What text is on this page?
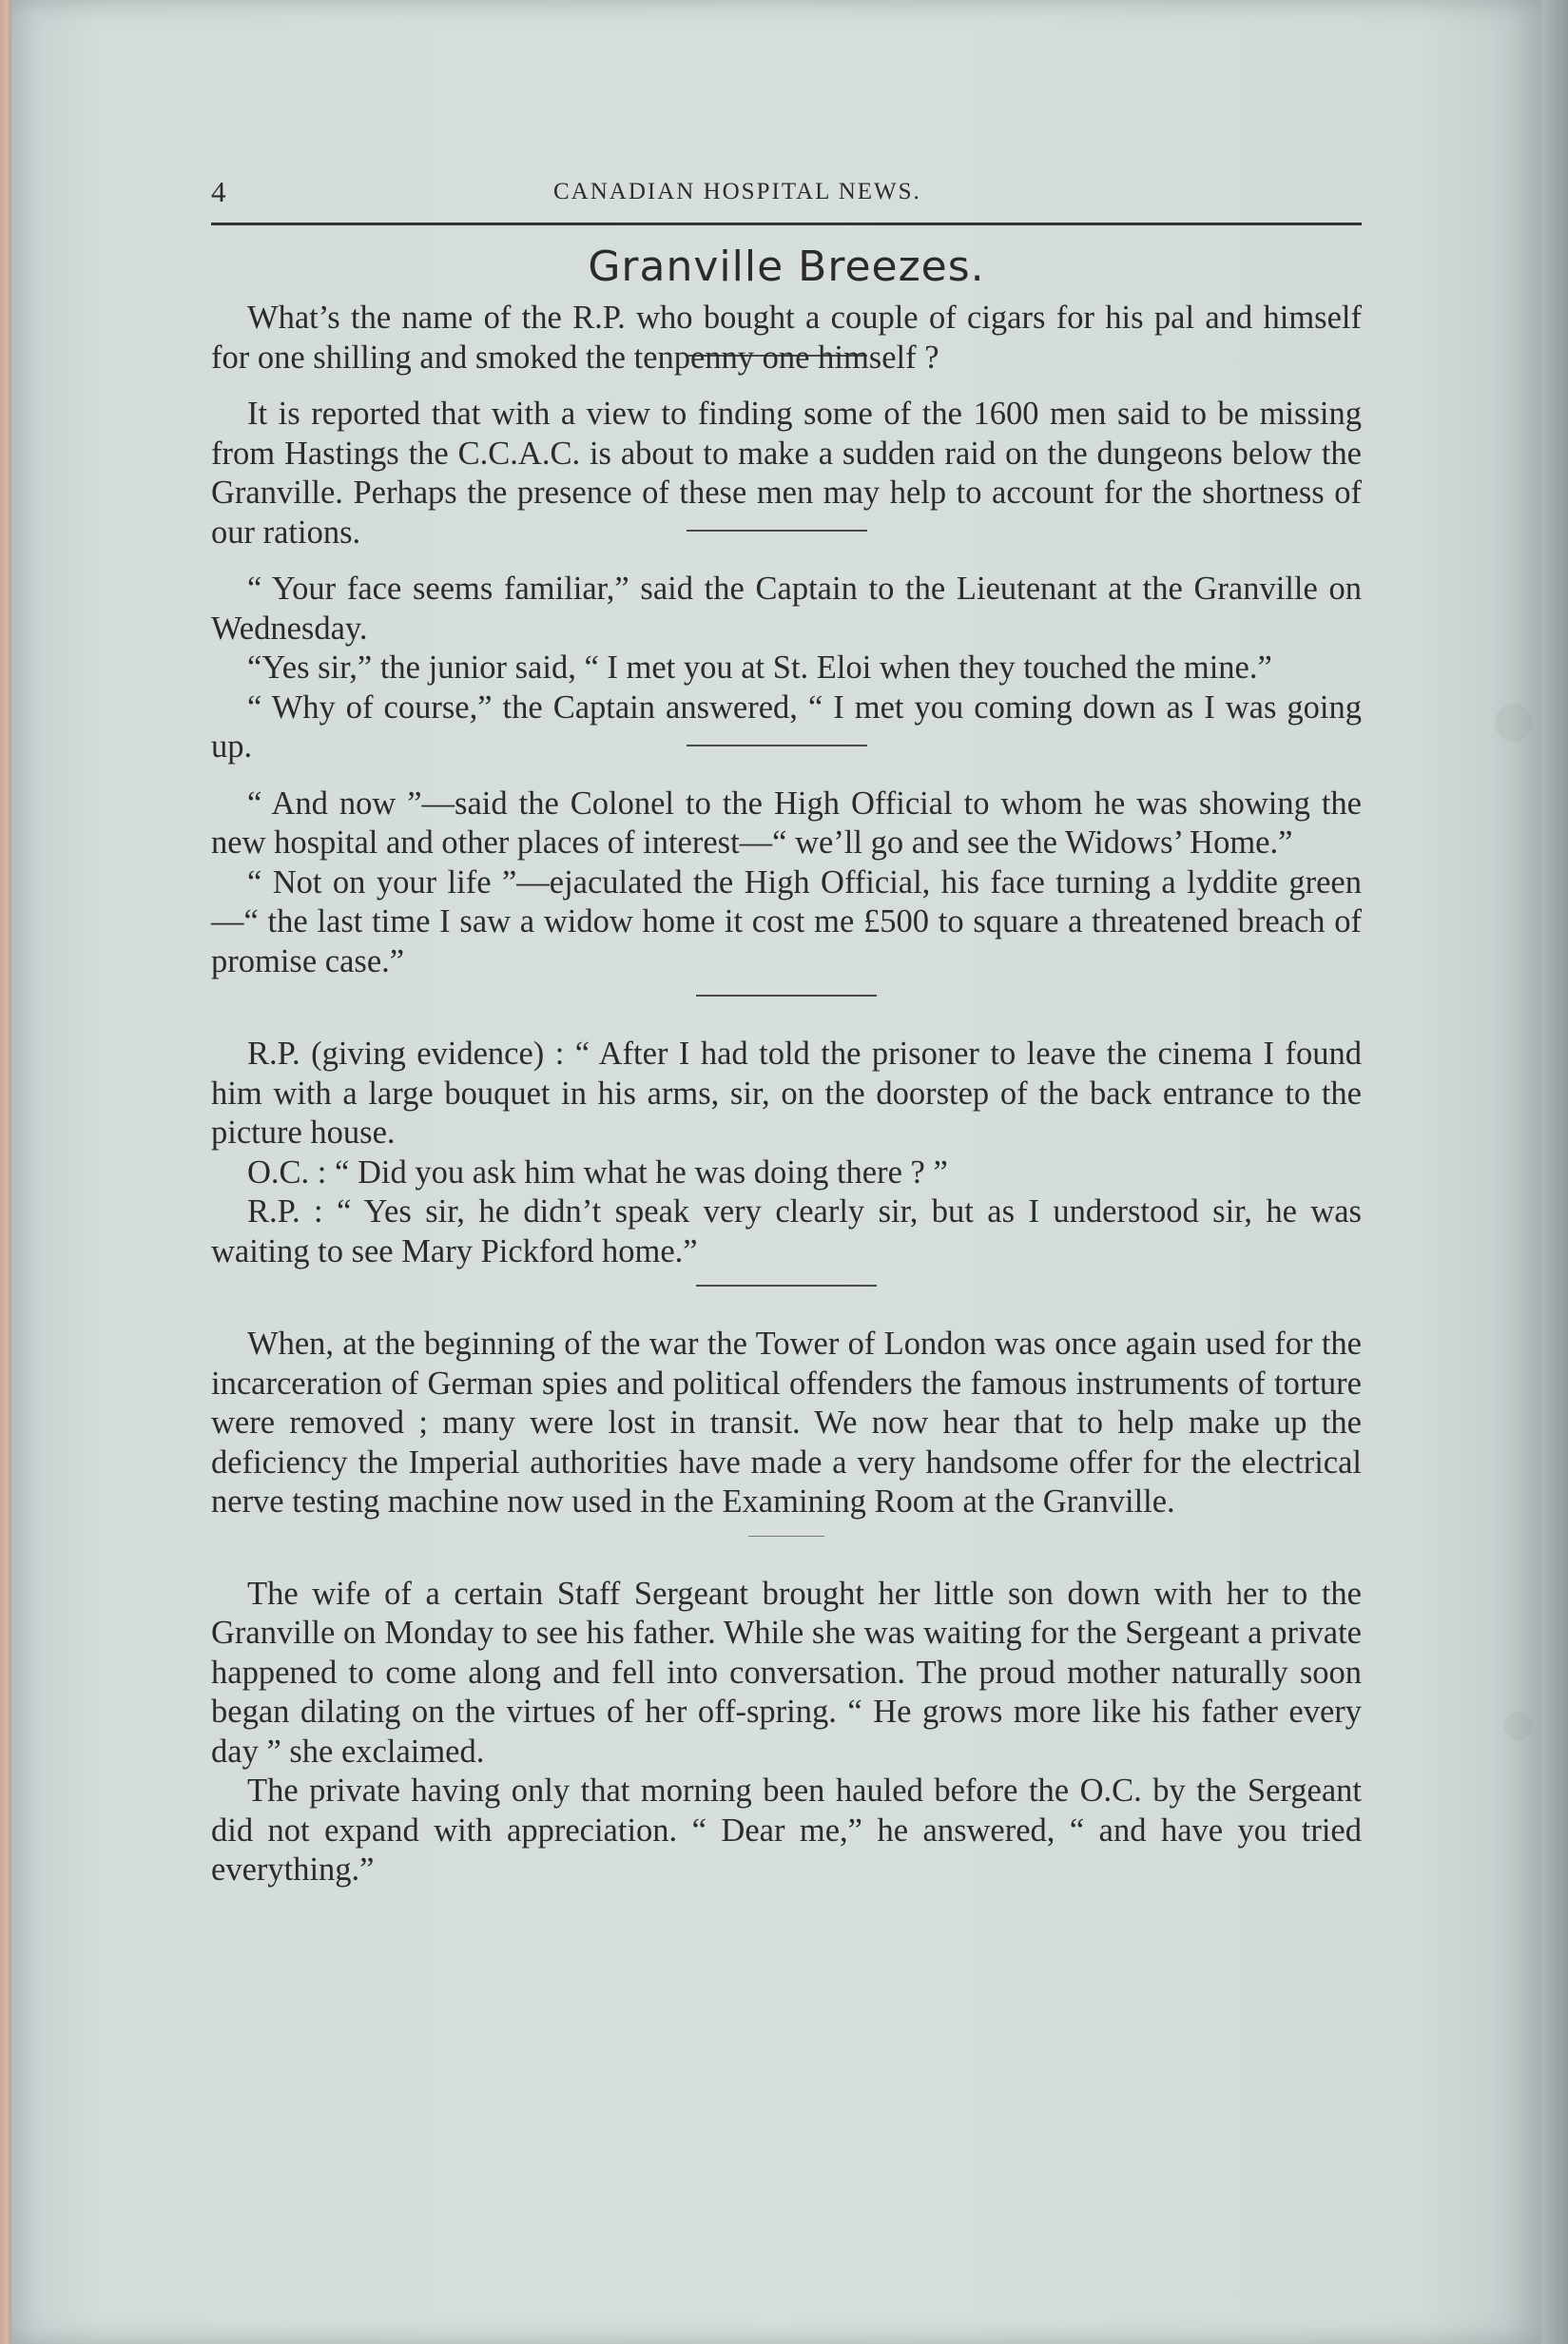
4	CANADIAN HOSPITAL NEWS.
Granville Breezes.

What’s the name of the R.P. who bought a couple of cigars for his pal and himself for one shilling and smoked the tenpenny one himself ?

It is reported that with a view to finding some of the 1600 men said to be missing from Hastings the C.C.A.C. is about to make a sudden raid on the dungeons below the Granville. Perhaps the presence of these men may help to account for the shortness of our rations.

“ Your face seems familiar,” said the Captain to the Lieutenant at the Granville on Wednesday.

“Yes sir,” the junior said, “ I met you at St. Eloi when they touched the mine.”

“ Why of course,” the Captain answered, “ I met you coming down as I was going up.

“ And now ”—said the Colonel to the High Official to whom he was showing the new hospital and other places of interest—“ we’ll go and see the Widows’ Home.”

“ Not on your life ”—ejaculated the High Official, his face turning a lyddite green—“ the last time I saw a widow home it cost me £500 to square a threatened breach of promise case.”

R.P. (giving evidence) : “ After I had told the prisoner to leave the cinema I found him with a large bouquet in his arms, sir, on the doorstep of the back entrance to the picture house.

O.C. : “ Did you ask him what he was doing there ? ”

R.P. : “ Yes sir, he didn’t speak very clearly sir, but as I understood sir, he was waiting to see Mary Pickford home.”

When, at the beginning of the war the Tower of London was once again used for the incarceration of German spies and political offenders the famous instruments of torture were removed ; many were lost in transit. We now hear that to help make up the deficiency the Imperial authorities have made a very handsome offer for the electrical nerve testing machine now used in the Examining Room at the Granville.

The wife of a certain Staff Sergeant brought her little son down with her to the Granville on Monday to see his father. While she was waiting for the Sergeant a private happened to come along and fell into conversation. The proud mother naturally soon began dilating on the virtues of her off-spring. “ He grows more like his father every day ” she exclaimed.

The private having only that morning been hauled before the O.C. by the Sergeant did not expand with appreciation. “ Dear me,” he answered, “ and have you tried everything.”
